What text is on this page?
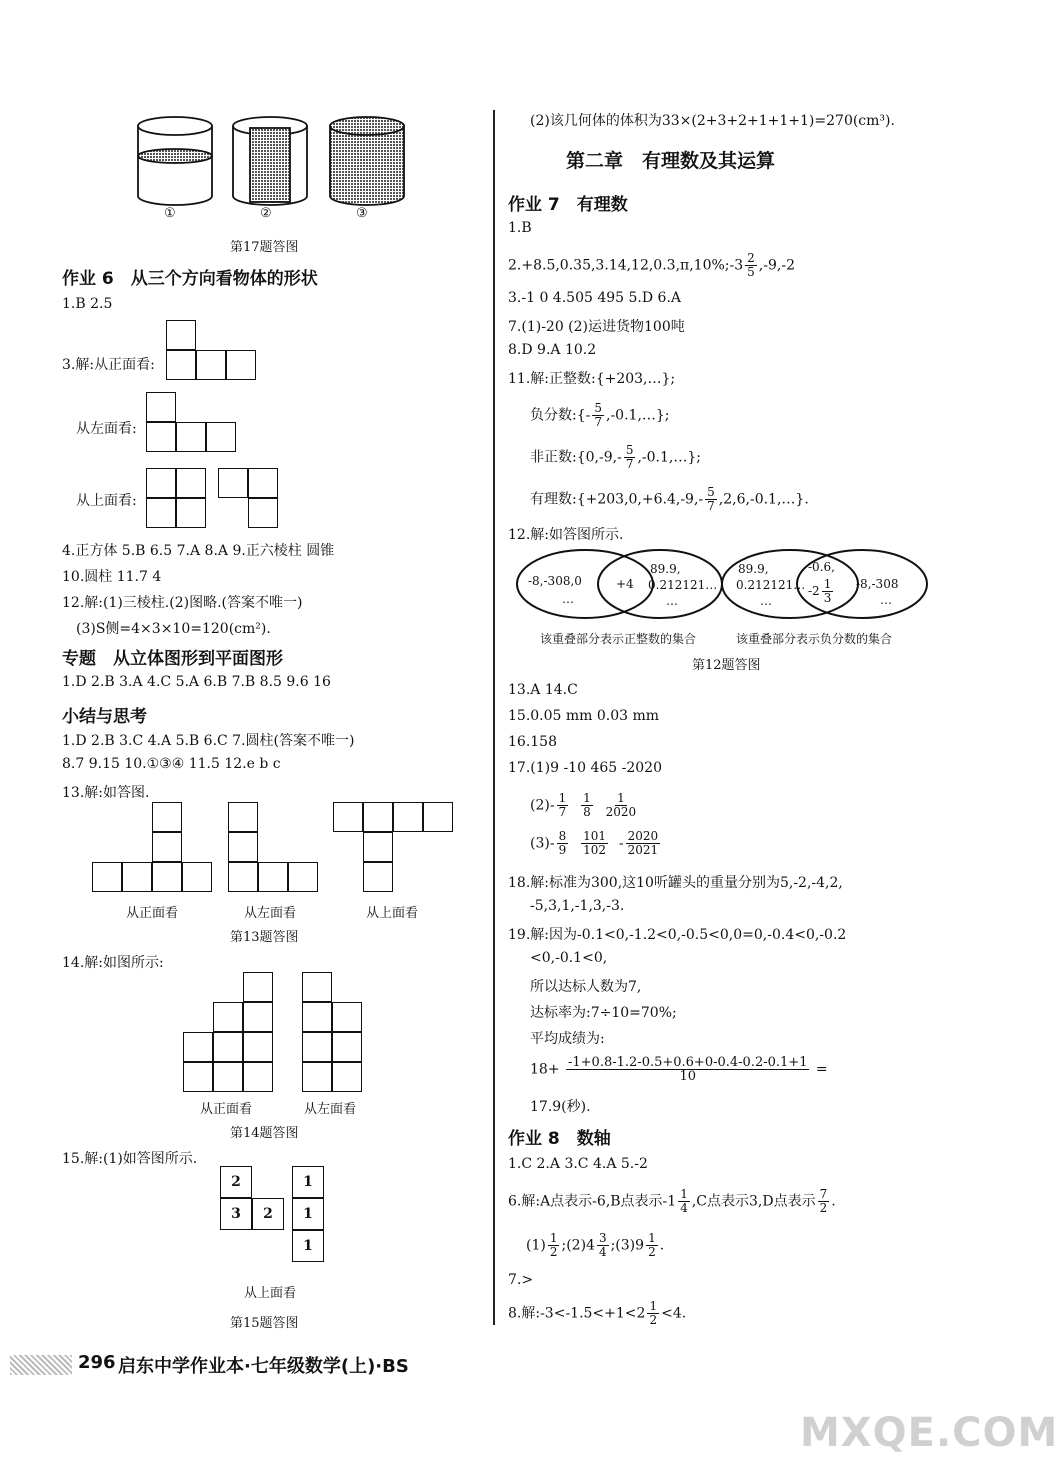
①	②	③
第17题答图
作业 6　从三个方向看物体的形状
1.B 2.5
3.解:从正面看:
从左面看:
从上面看:
4.正方体 5.B 6.5 7.A 8.A 9.正六棱柱 圆锥
10.圆柱 11.7 4
12.解:(1)三棱柱.(2)图略.(答案不唯一)
(3)S侧=4×3×10=120(cm²).
专题　从立体图形到平面图形
1.D 2.B 3.A 4.C 5.A 6.B 7.B 8.5 9.6 16
小结与思考
1.D 2.B 3.C 4.A 5.B 6.C 7.圆柱(答案不唯一)
8.7 9.15 10.①③④ 11.5 12.e b c
13.解:如答图.
从正面看	从左面看	从上面看
第13题答图
14.解:如图所示:
从正面看	从左面看
第14题答图
15.解:(1)如答图所示.
2
3	2
1
1
1
从上面看
第15题答图
(2)该几何体的体积为33×(2+3+2+1+1+1)=270(cm³).
第二章　有理数及其运算
作业 7　有理数
1.B
2.+8.5,0.35,3.14,12,0.3,π,10%;-3 $\frac{2}{5} ,-9,-2$
3.-1 0 4.505 495 5.D 6.A
7.(1)-20 (2)运进货物100吨
8.D 9.A 10.2
11.解:正整数:{+203,…};
负分数:{- $\frac{5}{7}$ ,-0.1,…};
非正数:{0,-9,- $\frac{5}{7}$ ,-0.1,…};
有理数:{+203,0,+6.4,-9,- $\frac{5}{7}$ ,2,6,-0.1,…}.
12.解:如答图所示.
-8,-308,0
…
+4
89.9,
0.212121…
…
89.9,
0.212121…
…
-0.6,
$-2 \frac{1}{3} -8,-308$
…
该重叠部分表示正整数的集合	该重叠部分表示负分数的集合
第12题答图
13.A 14.C
15.0.05 mm 0.03 mm
16.158
17.(1)9 -10 465 -2020
$(2)- \frac{1}{7}$
$\frac{1}{8}$
$\frac{1}{2020}$
$(3)- \frac{8}{9}$
$\frac{101}{102} - \frac{2020}{2021}$
18.解:标准为300,这10听罐头的重量分别为5,-2,-4,2,
-5,3,1,-1,3,-3.
19.解:因为-0.1<0,-1.2<0,-0.5<0,0=0,-0.4<0,-0.2
<0,-0.1<0,
所以达标人数为7,
达标率为:7÷10=70%;
平均成绩为:
$18+ \frac{-1+0.8-1.2-0.5+0.6+0-0.4-0.2-0.1+1}{10}$ =
17.9(秒).
作业 8　数轴
1.C 2.A 3.C 4.A 5.-2
6.解:A点表示-6,B点表示$-1 \frac{1}{4} ,C$点表示3,D点表示 $\frac{7}{2}$ .
$(1) \frac{1}{2}$ ;(2)4 $\frac{3}{4}$ ;(3)9 $\frac{1}{2}$ .
7.>
8.解:-3<-1.5<+1<2 $\frac{1}{2} <4$.
296 启东中学作业本·七年级数学(上)·BS
MXQE.COM
